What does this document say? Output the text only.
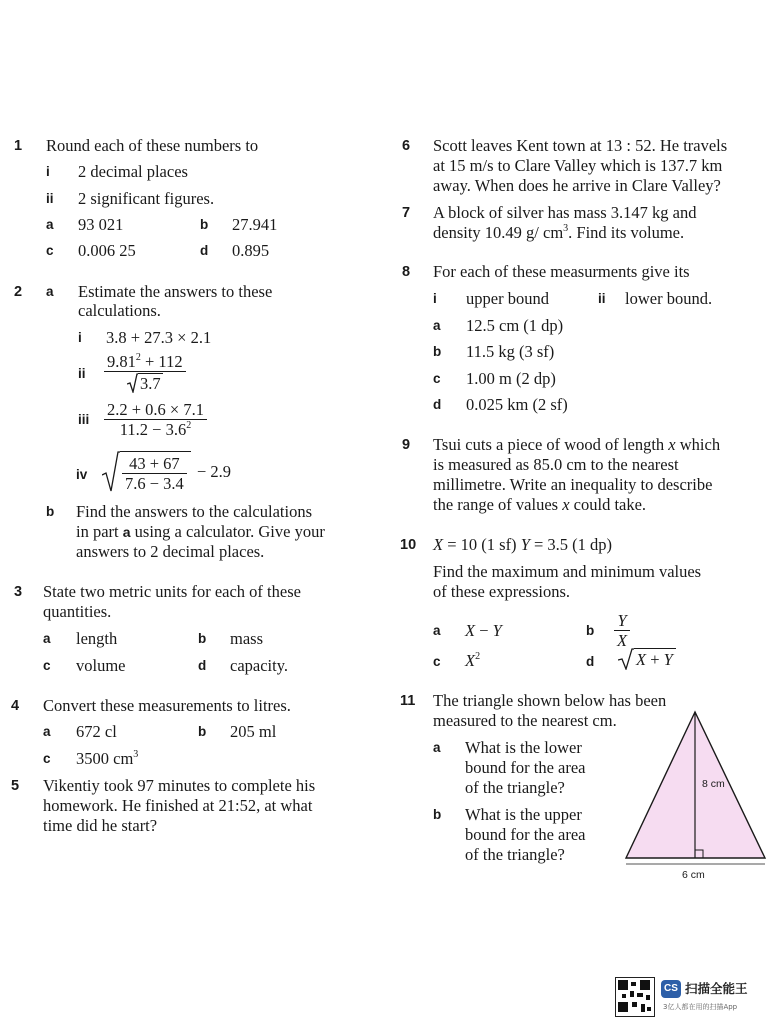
1 Round each of these numbers to
i 2 decimal places
ii 2 significant figures.
a 93 021	b 27.941
c 0.006 25	d 0.895
2 a Estimate the answers to these
calculations.
i 3.8 + 27.3 × 2.1
ii $\frac{9.81^2 + 112}{3.7}$
iii $\frac{2.2 + 0.6 \times 7.1}{11.2 - 3.6^2}$
iv $\frac{43 + 67}{7.6 - 3.4} - 2.9$
b Find the answers to the calculations
in part a using a calculator. Give your
answers to 2 decimal places.
3 State two metric units for each of these
quantities.
a length	b mass
c volume	d capacity.
4 Convert these measurements to litres.
a 672 cl	b 205 ml
c 3500 $cm^3$
5 Vikentiy took 97 minutes to complete his
homework. He finished at 21:52, at what
time did he start?
6 Scott leaves Kent town at 13 : 52. He travels
at 15 m/s to Clare Valley which is 137.7 km
away. When does he arrive in Clare Valley?
7 A block of silver has mass 3.147 kg and
density 10.49 g/ $cm^3$. Find its volume.
8 For each of these measurments give its
i upper bound	ii lower bound.
a 12.5 cm (1 dp)
b 11.5 kg (3 sf)
c 1.00 m (2 dp)
d 0.025 km (2 sf)
9 Tsui cuts a piece of wood of length x which
is measured as 85.0 cm to the nearest
millimetre. Write an inequality to describe
the range of values x could take.
10 X = 10 (1 sf) Y = 3.5 (1 dp)
Find the maximum and minimum values
of these expressions.
a X − Y	b $\frac{Y}{X}$
c $X^2$	d	X + Y
11 The triangle shown below has been
measured to the nearest cm.
a What is the lower
bound for the area
of the triangle?
b What is the upper
bound for the area
of the triangle?
8 cm
6 cm
CS 扫描全能王
3亿人都在用的扫描App
